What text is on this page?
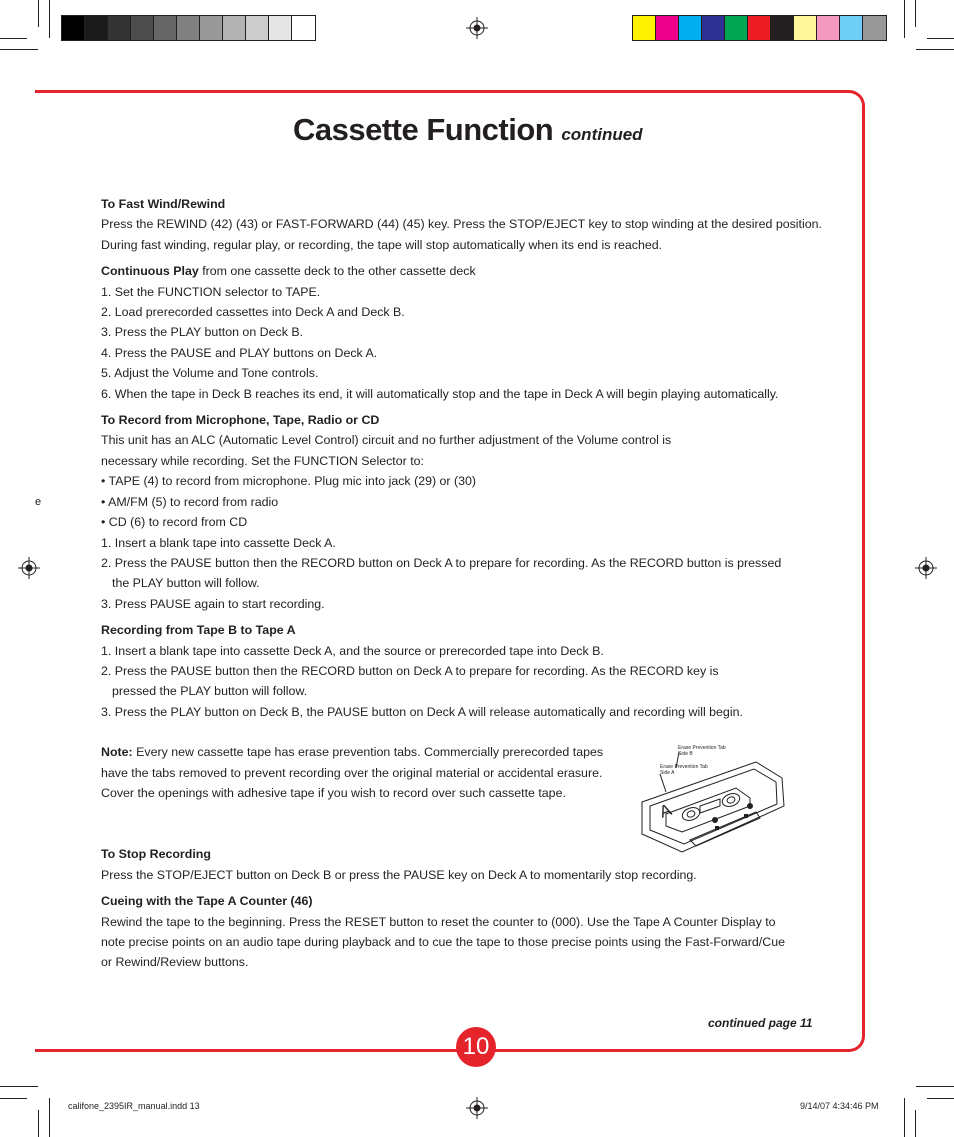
Cassette Function continued
e
To Fast Wind/Rewind
Press the REWIND (42) (43) or FAST-FORWARD (44) (45) key. Press the STOP/EJECT key to stop winding at the desired position.
During fast winding, regular play, or recording, the tape will stop automatically when its end is reached.
Continuous Play from one cassette deck to the other cassette deck
1. Set the FUNCTION selector to TAPE.
2. Load prerecorded cassettes into Deck A and Deck B.
3. Press the PLAY button on Deck B.
4. Press the PAUSE and PLAY buttons on Deck A.
5. Adjust the Volume and Tone controls.
6. When the tape in Deck B reaches its end, it will automatically stop and the tape in Deck A will begin playing automatically.
To Record from Microphone, Tape, Radio or CD
This unit has an ALC (Automatic Level Control) circuit and no further adjustment of the Volume control is
necessary while recording. Set the FUNCTION Selector to:
• TAPE (4) to record from microphone. Plug mic into jack (29) or (30)
• AM/FM (5) to record from radio
• CD (6) to record from CD
1. Insert a blank tape into cassette Deck A.
2. Press the PAUSE button then the RECORD button on Deck A to prepare for recording. As the RECORD button is pressed
the PLAY button will follow.
3. Press PAUSE again to start recording.
Recording from Tape B to Tape A
1. Insert a blank tape into cassette Deck A, and the source or prerecorded tape into Deck B.
2. Press the PAUSE button then the RECORD button on Deck A to prepare for recording. As the RECORD key is
pressed the PLAY button will follow.
3. Press the PLAY button on Deck B, the PAUSE button on Deck A will release automatically and recording will begin.
Note: Every new cassette tape has erase prevention tabs. Commercially prerecorded tapes
have the tabs removed to prevent recording over the original material or accidental erasure.
Cover the openings with adhesive tape if you wish to record over such cassette tape.
To Stop Recording
Press the STOP/EJECT button on Deck B or press the PAUSE key on Deck A to momentarily stop recording.
Cueing with the Tape A Counter (46)
Rewind the tape to the beginning. Press the RESET button to reset the counter to (000). Use the Tape A Counter Display to
note precise points on an audio tape during playback and to cue the tape to those precise points using the Fast-Forward/Cue
or Rewind/Review buttons.
A
Erase Prevention Tab
Side B
Erase Prevention Tab
Side A
continued page 11
10
califone_2395IR_manual.indd 13	9/14/07 4:34:46 PM
